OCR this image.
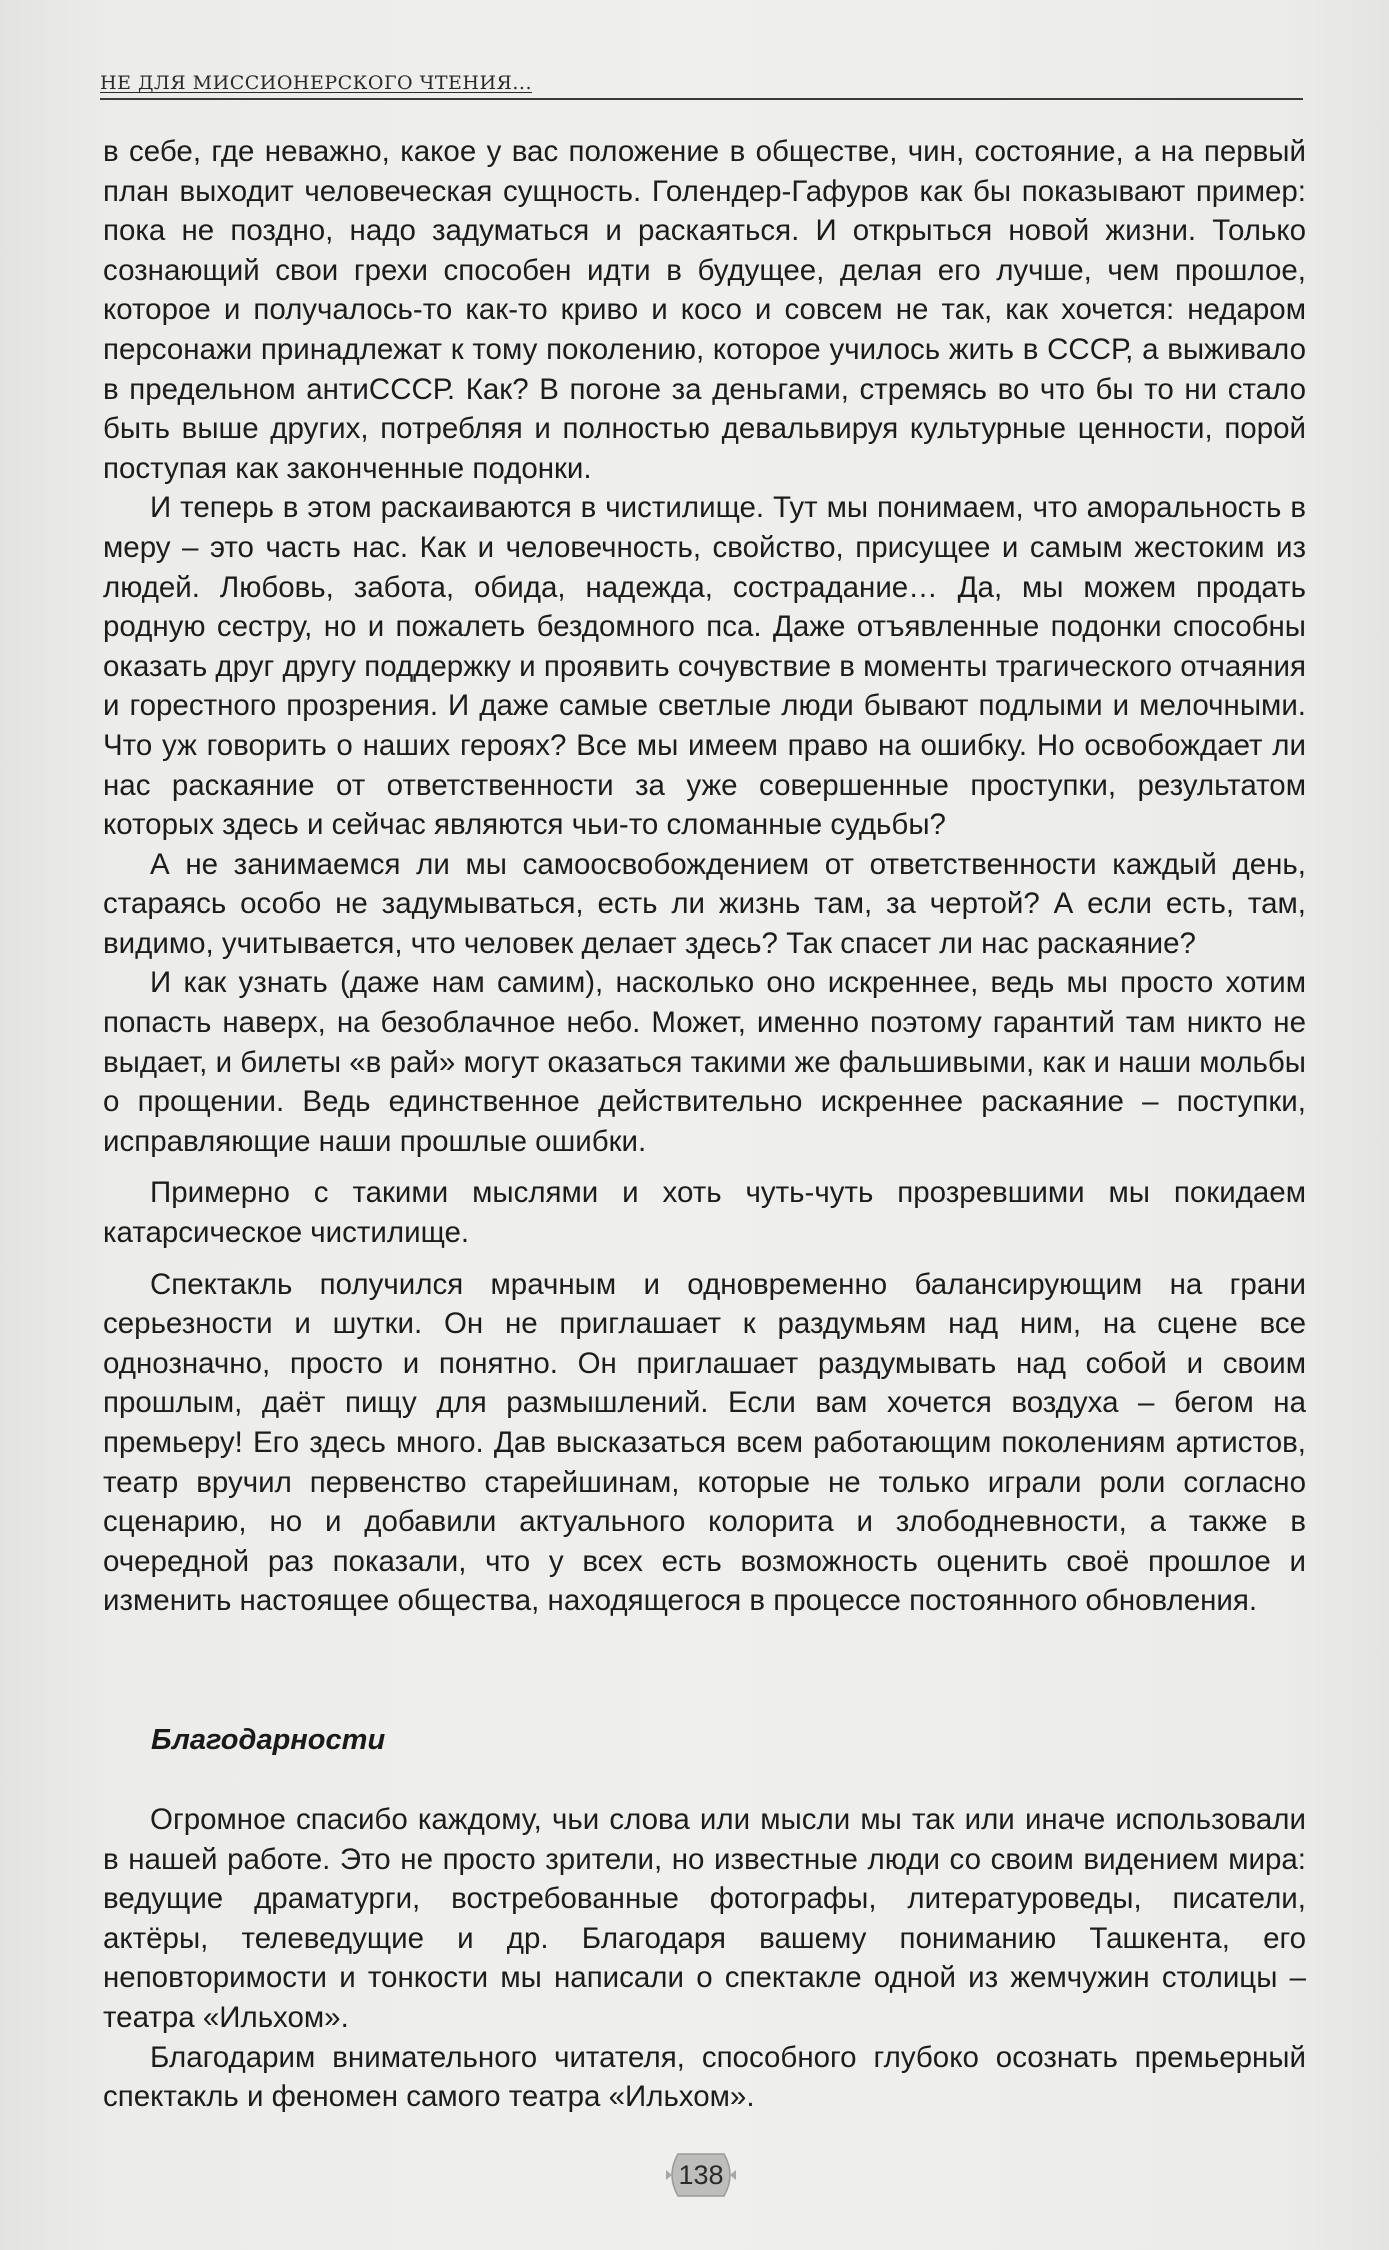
НЕ ДЛЯ МИССИОНЕРСКОГО ЧТЕНИЯ...

в себе, где неважно, какое у вас положение в обществе, чин, состояние, а на первый план выходит человеческая сущность. Голендер-Гафуров как бы показывают пример: пока не поздно, надо задуматься и раскаяться. И открыться новой жизни. Только сознающий свои грехи способен идти в будущее, делая его лучше, чем прошлое, которое и получалось-то как-то криво и косо и совсем не так, как хочется: недаром персонажи принадлежат к тому поколению, которое училось жить в СССР, а выживало в предельном антиСССР. Как? В погоне за деньгами, стремясь во что бы то ни стало быть выше других, потребляя и полностью девальвируя культурные ценности, порой поступая как законченные подонки.

И теперь в этом раскаиваются в чистилище. Тут мы понимаем, что аморальность в меру – это часть нас. Как и человечность, свойство, присущее и самым жестоким из людей. Любовь, забота, обида, надежда, сострадание… Да, мы можем продать родную сестру, но и пожалеть бездомного пса. Даже отъявленные подонки способны оказать друг другу поддержку и проявить сочувствие в моменты трагического отчаяния и горестного прозрения. И даже самые светлые люди бывают подлыми и мелочными. Что уж говорить о наших героях? Все мы имеем право на ошибку. Но освобождает ли нас раскаяние от ответственности за уже совершенные проступки, результатом которых здесь и сейчас являются чьи-то сломанные судьбы?

А не занимаемся ли мы самоосвобождением от ответственности каждый день, стараясь особо не задумываться, есть ли жизнь там, за чертой? А если есть, там, видимо, учитывается, что человек делает здесь? Так спасет ли нас раскаяние?

И как узнать (даже нам самим), насколько оно искреннее, ведь мы просто хотим попасть наверх, на безоблачное небо. Может, именно поэтому гарантий там никто не выдает, и билеты «в рай» могут оказаться такими же фальшивыми, как и наши мольбы о прощении. Ведь единственное действительно искреннее раскаяние – поступки, исправляющие наши прошлые ошибки.

Примерно с такими мыслями и хоть чуть-чуть прозревшими мы покидаем катарсическое чистилище.

Спектакль получился мрачным и одновременно балансирующим на грани серьезности и шутки. Он не приглашает к раздумьям над ним, на сцене все однозначно, просто и понятно. Он приглашает раздумывать над собой и своим прошлым, даёт пищу для размышлений. Если вам хочется воздуха – бегом на премьеру! Его здесь много. Дав высказаться всем работающим поколениям артистов, театр вручил первенство старейшинам, которые не только играли роли согласно сценарию, но и добавили актуального колорита и злободневности, а также в очередной раз показали, что у всех есть возможность оценить своё прошлое и изменить настоящее общества, находящегося в процессе постоянного обновления.

Благодарности

Огромное спасибо каждому, чьи слова или мысли мы так или иначе использовали в нашей работе. Это не просто зрители, но известные люди со своим видением мира: ведущие драматурги, востребованные фотографы, литературоведы, писатели, актёры, телеведущие и др. Благодаря вашему пониманию Ташкента, его неповторимости и тонкости мы написали о спектакле одной из жемчужин столицы – театра «Ильхом».

Благодарим внимательного читателя, способного глубоко осознать премьерный спектакль и феномен самого театра «Ильхом».

138
